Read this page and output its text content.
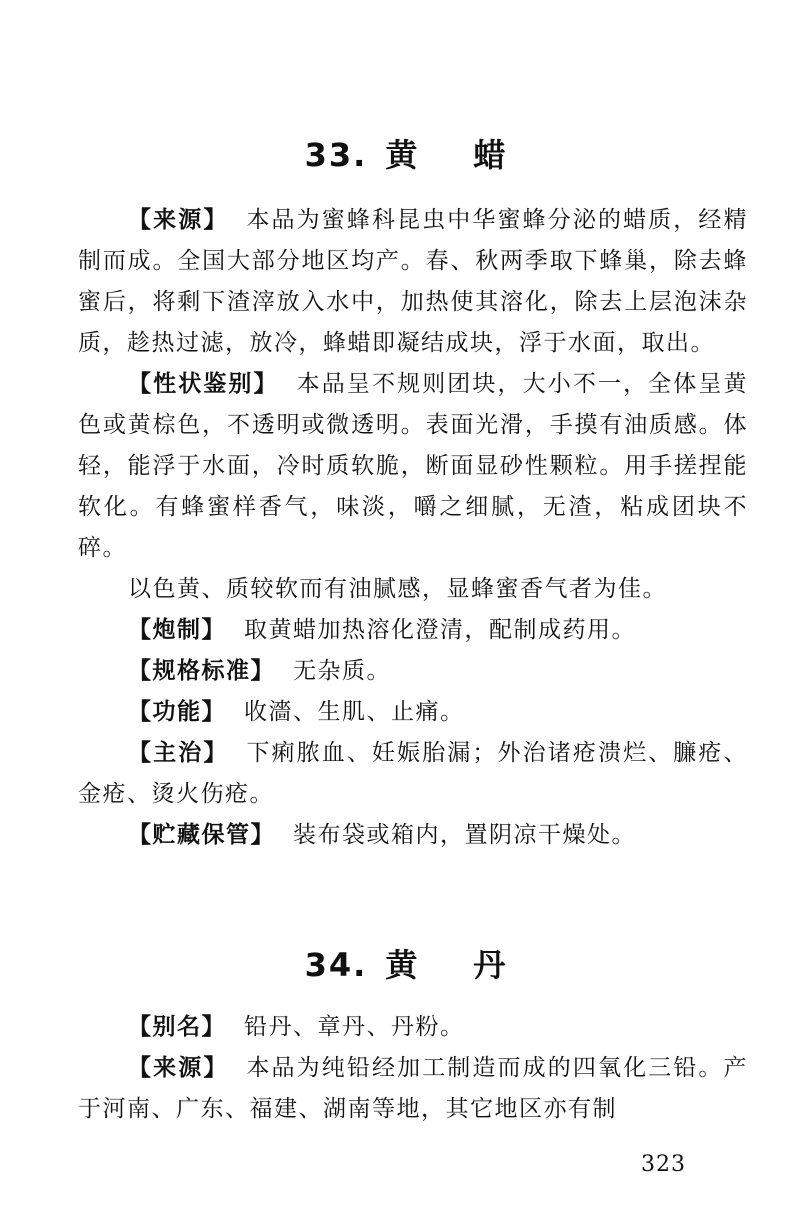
33. 黄 蜡

【来源】 本品为蜜蜂科昆虫中华蜜蜂分泌的蜡质，经精制而成。全国大部分地区均产。春、秋两季取下蜂巢，除去蜂蜜后，将剩下渣滓放入水中，加热使其溶化，除去上层泡沫杂质，趁热过滤，放冷，蜂蜡即凝结成块，浮于水面，取出。

【性状鉴别】 本品呈不规则团块，大小不一，全体呈黄色或黄棕色，不透明或微透明。表面光滑，手摸有油质感。体轻，能浮于水面，冷时质软脆，断面显砂性颗粒。用手搓捏能软化。有蜂蜜样香气，味淡，嚼之细腻，无渣，粘成团块不碎。

以色黄、质较软而有油腻感，显蜂蜜香气者为佳。

【炮制】 取黄蜡加热溶化澄清，配制成药用。

【规格标准】 无杂质。

【功能】 收濇、生肌、止痛。

【主治】 下痢脓血、妊娠胎漏；外治诸疮溃烂、臁疮、金疮、烫火伤疮。

【贮藏保管】 装布袋或箱内，置阴凉干燥处。

34. 黄 丹

【别名】 铅丹、章丹、丹粉。

【来源】 本品为纯铅经加工制造而成的四氧化三铅。产于河南、广东、福建、湖南等地，其它地区亦有制

323
